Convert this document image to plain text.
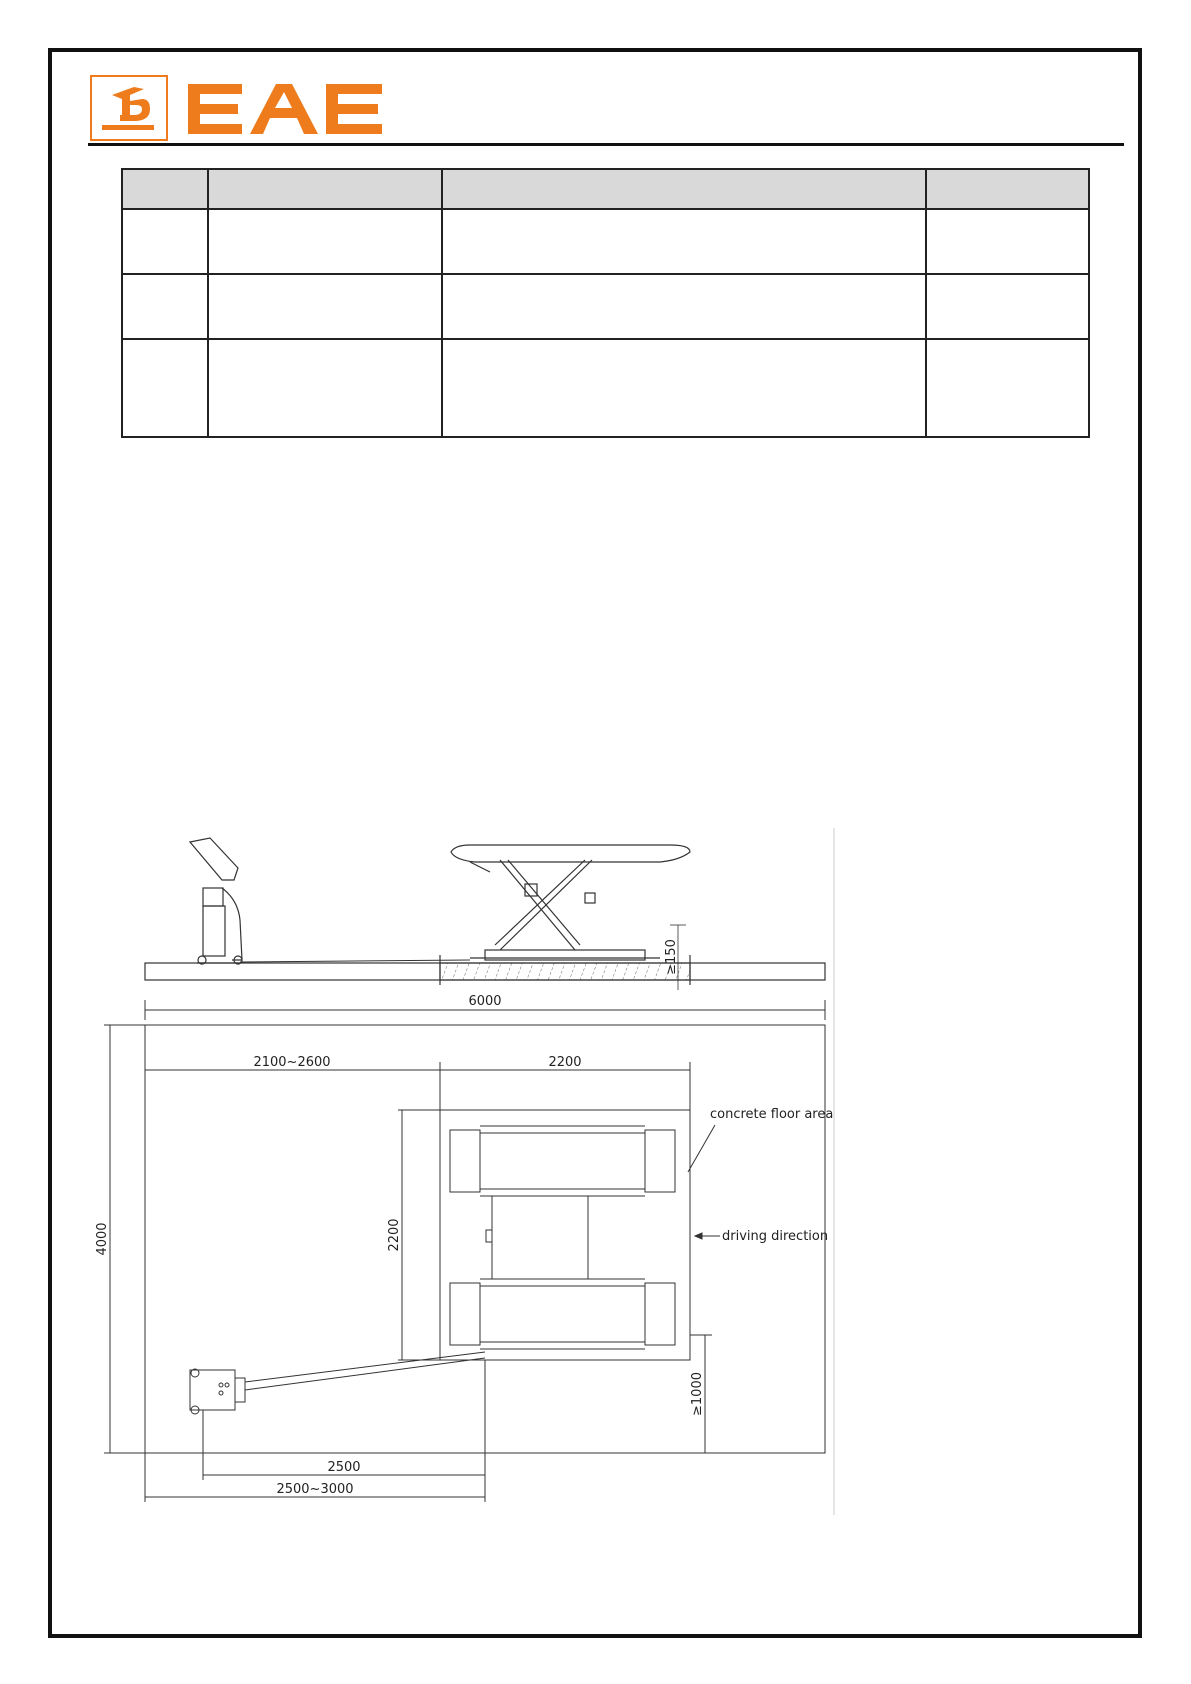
≥150
6000
2100~2600	2200
4000	2200
≥1000
2500
2500~3000
concrete floor area
driving direction
